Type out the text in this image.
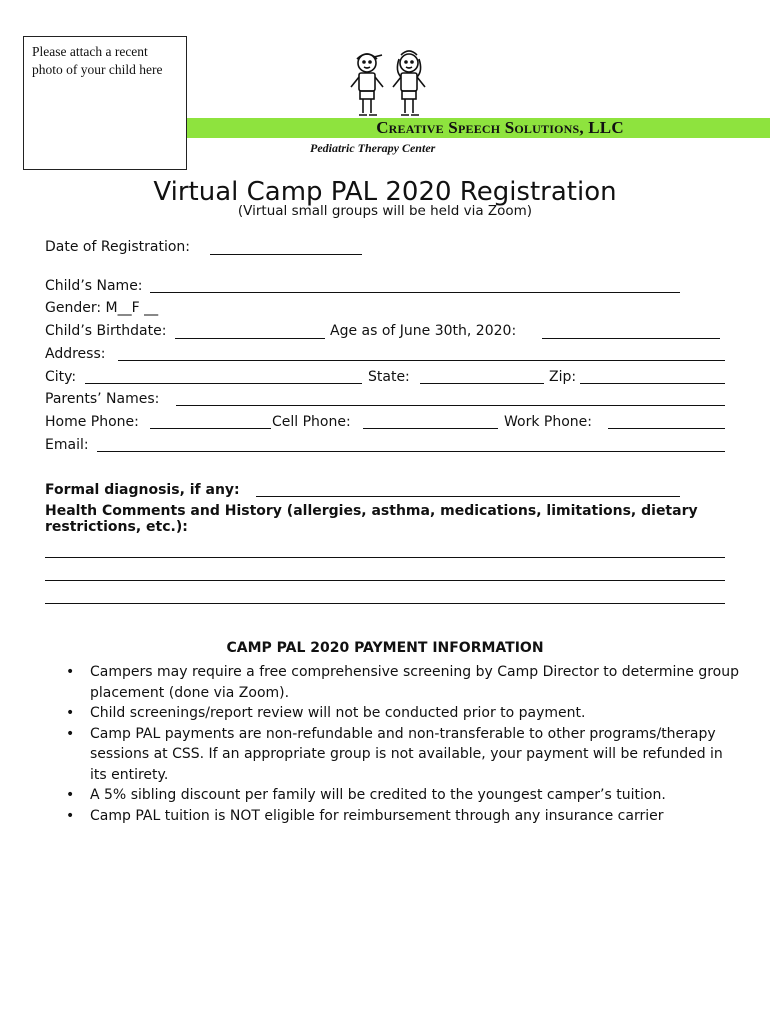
Please attach a recent photo of your child here
Creative Speech Solutions, LLC
Pediatric Therapy Center
Virtual Camp PAL 2020 Registration
(Virtual small groups will be held via Zoom)
Date of Registration:
Child’s Name:
Gender: M__F __
Child’s Birthdate:	Age as of June 30th, 2020:
Address:
City:	State:	Zip:
Parents’ Names:
Home Phone:	Cell Phone:	Work Phone:
Email:
Formal diagnosis, if any:
Health Comments and History (allergies, asthma, medications, limitations, dietary restrictions, etc.):
CAMP PAL 2020 PAYMENT INFORMATION
• Campers may require a free comprehensive screening by Camp Director to determine group placement (done via Zoom).
• Child screenings/report review will not be conducted prior to payment.
• Camp PAL payments are non-refundable and non-transferable to other programs/therapy sessions at CSS. If an appropriate group is not available, your payment will be refunded in its entirety.
• A 5% sibling discount per family will be credited to the youngest camper’s tuition.
• Camp PAL tuition is NOT eligible for reimbursement through any insurance carrier
